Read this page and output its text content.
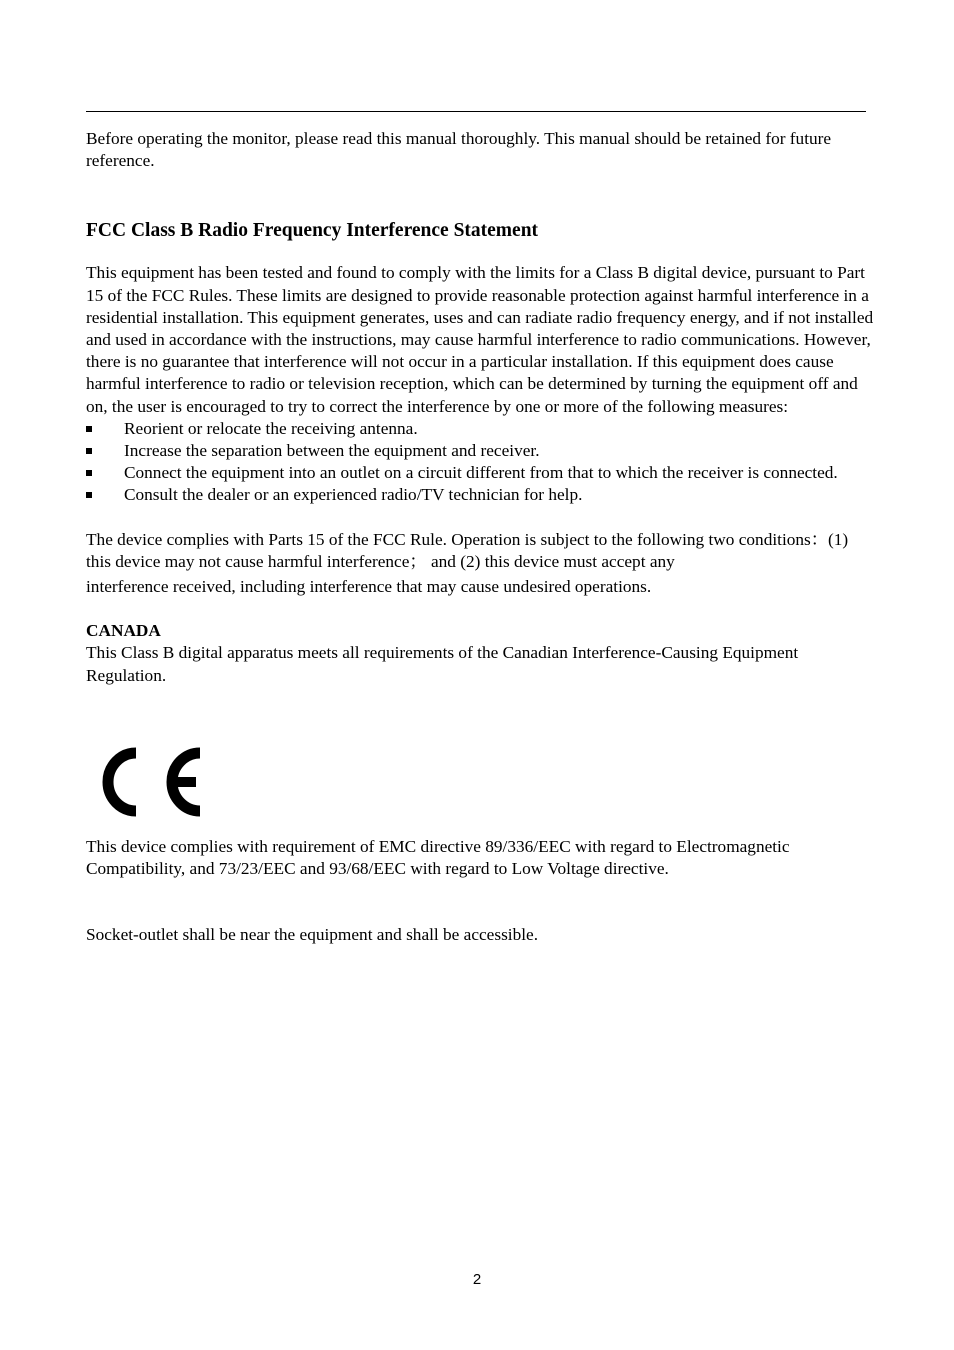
Before operating the monitor, please read this manual thoroughly. This manual should be retained for future reference.

FCC Class B Radio Frequency Interference Statement

This equipment has been tested and found to comply with the limits for a Class B digital device, pursuant to Part 15 of the FCC Rules. These limits are designed to provide reasonable protection against harmful interference in a residential installation. This equipment generates, uses and can radiate radio frequency energy, and if not installed and used in accordance with the instructions, may cause harmful interference to radio communications. However, there is no guarantee that interference will not occur in a particular installation. If this equipment does cause harmful interference to radio or television reception, which can be determined by turning the equipment off and on, the user is encouraged to try to correct the interference by one or more of the following measures:

Reorient or relocate the receiving antenna.
Increase the separation between the equipment and receiver.
Connect the equipment into an outlet on a circuit different from that to which the receiver is connected.
Consult the dealer or an experienced radio/TV technician for help.

The device complies with Parts 15 of the FCC Rule. Operation is subject to the following two conditions：(1) this device may not cause harmful interference； and (2) this device must accept any
interference received, including interference that may cause undesired operations.

CANADA

This Class B digital apparatus meets all requirements of the Canadian Interference-Causing Equipment Regulation.

This device complies with requirement of EMC directive 89/336/EEC with regard to Electromagnetic Compatibility, and 73/23/EEC and 93/68/EEC with regard to Low Voltage directive.

Socket-outlet shall be near the equipment and shall be accessible.

2
